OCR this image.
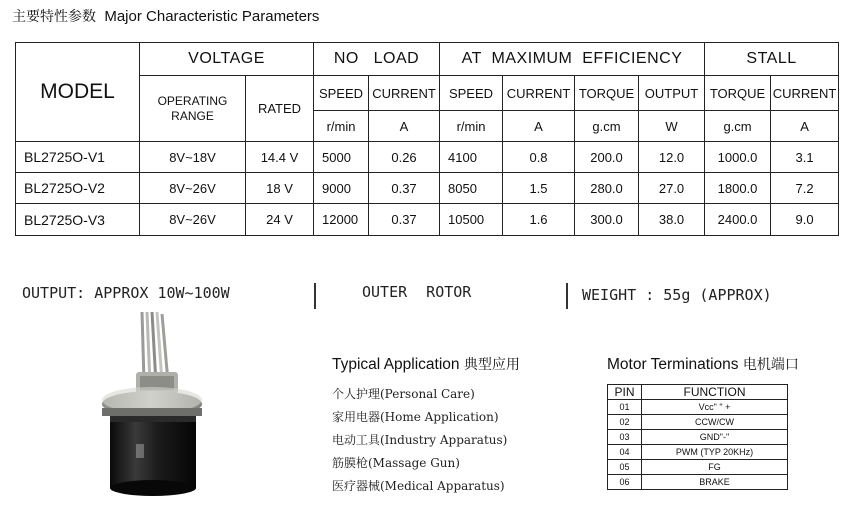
主要特性参数 Major Characteristic Parameters
MODEL	VOLTAGE		NO   LOAD		AT  MAXIMUM  EFFICIENCY				STALL	
	OPERATING RANGE	RATED	SPEED	CURRENT	SPEED	CURRENT	TORQUE	OUTPUT	TORQUE	CURRENT
			r/min	A	r/min	A	g.cm	W	g.cm	A
BL2725O-V1	8V~18V	14.4 V	5000	0.26	4100	0.8	200.0	12.0	1000.0	3.1
BL2725O-V2	8V~26V	18 V	9000	0.37	8050	1.5	280.0	27.0	1800.0	7.2
BL2725O-V3	8V~26V	24 V	12000	0.37	10500	1.6	300.0	38.0	2400.0	9.0
OUTPUT: APPROX 10W~100W	OUTER ROTOR	WEIGHT : 55g (APPROX)
Typical Application 典型应用
个人护理(Personal Care)
家用电器(Home Application)
电动工具(Industry Apparatus)
筋膜枪(Massage Gun)
医疗器械(Medical Apparatus)
Motor Terminations 电机端口
PIN	FUNCTION
01	Vcc" " +
02	CCW/CW
03	GND"-"
04	PWM (TYP 20KHz)
05	FG
06	BRAKE
